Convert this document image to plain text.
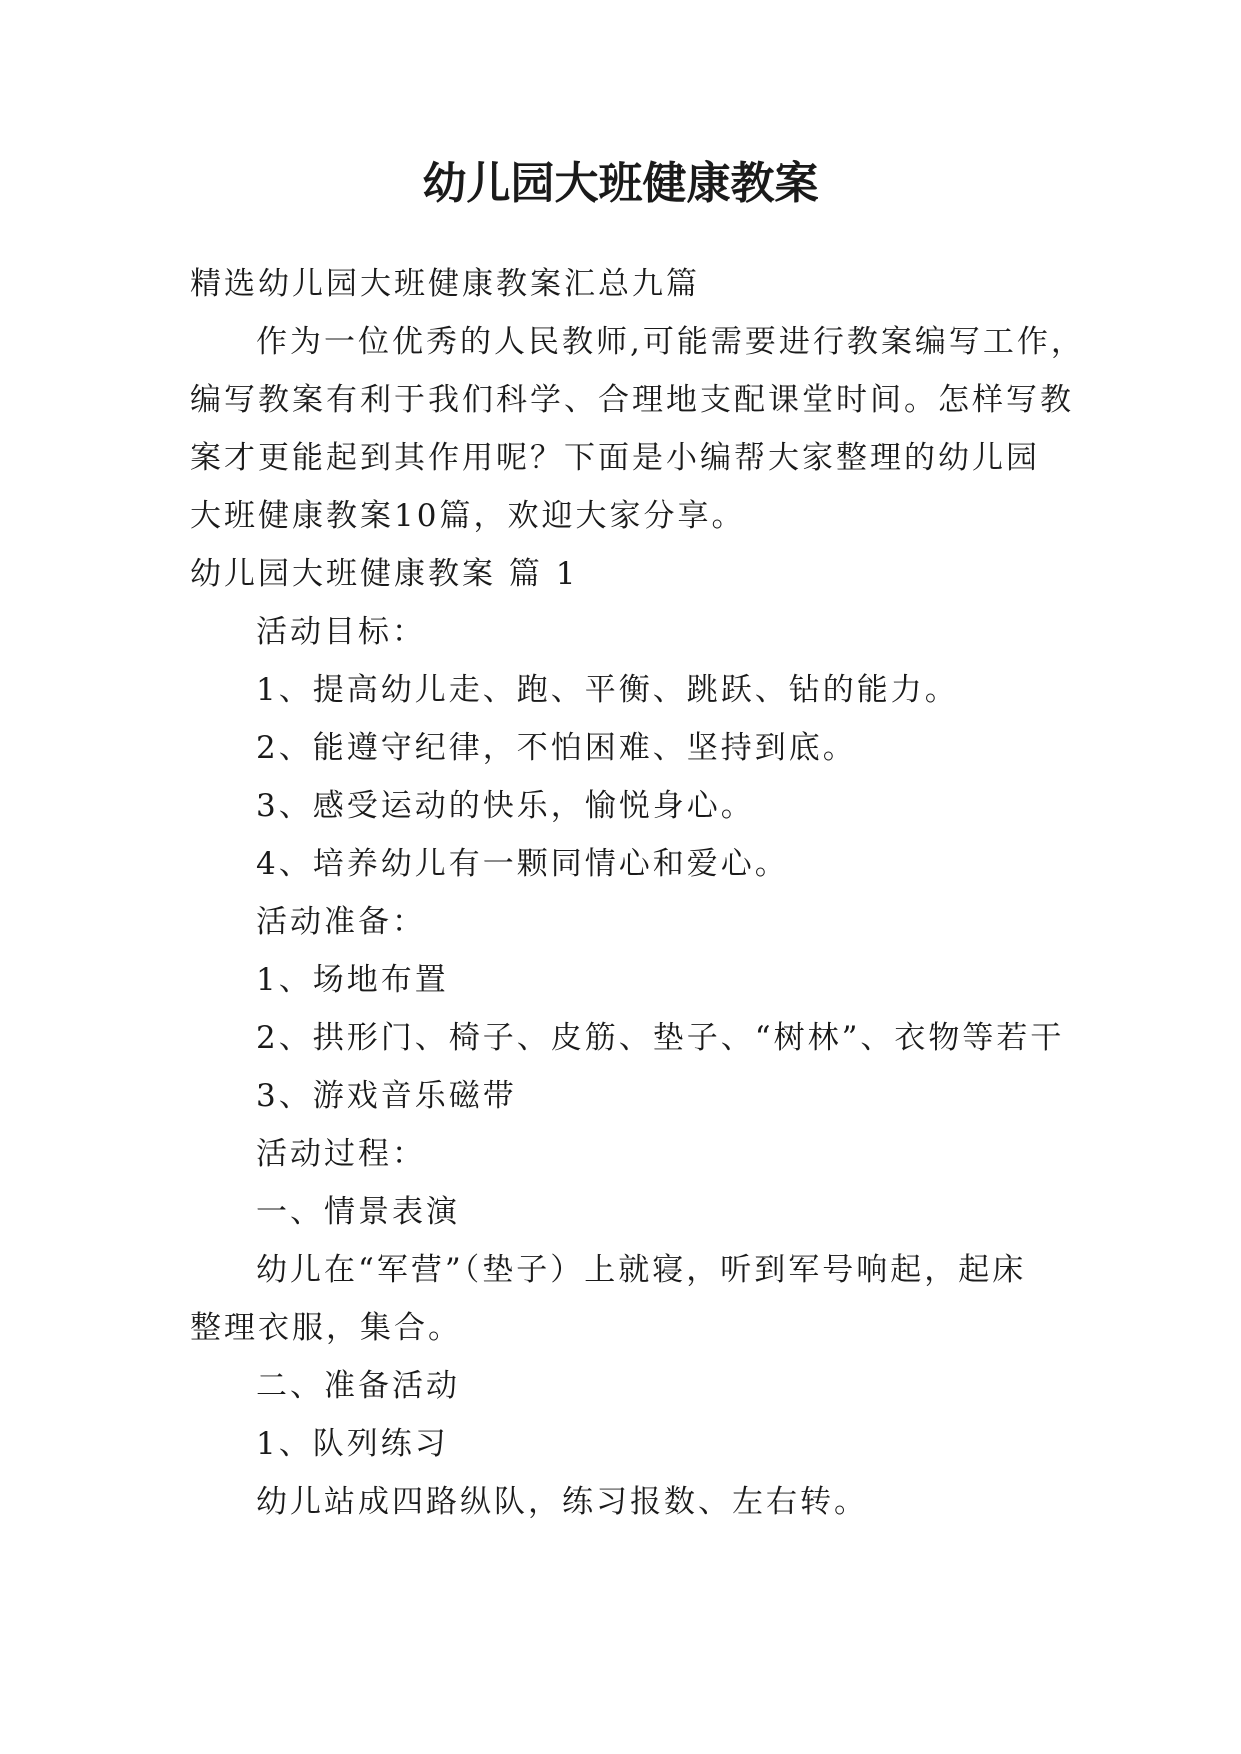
幼儿园大班健康教案

精选幼儿园大班健康教案汇总九篇

作为一位优秀的人民教师,可能需要进行教案编写工作，

编写教案有利于我们科学、合理地支配课堂时间。怎样写教

案才更能起到其作用呢？下面是小编帮大家整理的幼儿园

大班健康教案10篇，欢迎大家分享。

幼儿园大班健康教案 篇 1

活动目标：

1、提高幼儿走、跑、平衡、跳跃、钻的能力。

2、能遵守纪律，不怕困难、坚持到底。

3、感受运动的快乐，愉悦身心。

4、培养幼儿有一颗同情心和爱心。

活动准备：

1、场地布置

2、拱形门、椅子、皮筋、垫子、“树林”、衣物等若干

3、游戏音乐磁带

活动过程：

一、情景表演

幼儿在“军营”（垫子）上就寝，听到军号响起，起床

整理衣服，集合。

二、准备活动

1、队列练习

幼儿站成四路纵队，练习报数、左右转。
